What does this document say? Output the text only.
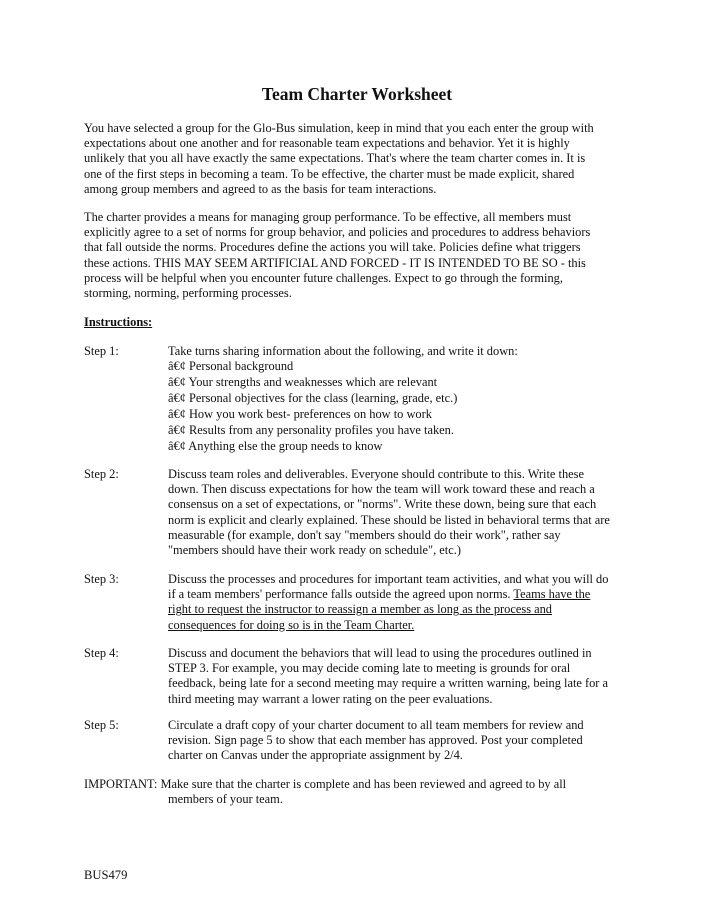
Team Charter Worksheet
You have selected a group for the Glo-Bus simulation, keep in mind that you each enter the group with
expectations about one another and for reasonable team expectations and behavior. Yet it is highly
unlikely that you all have exactly the same expectations. That's where the team charter comes in. It is
one of the first steps in becoming a team. To be effective, the charter must be made explicit, shared
among group members and agreed to as the basis for team interactions.
The charter provides a means for managing group performance. To be effective, all members must
explicitly agree to a set of norms for group behavior, and policies and procedures to address behaviors
that fall outside the norms. Procedures define the actions you will take. Policies define what triggers
these actions. THIS MAY SEEM ARTIFICIAL AND FORCED - IT IS INTENDED TO BE SO - this
process will be helpful when you encounter future challenges. Expect to go through the forming,
storming, norming, performing processes.
Instructions:
Step 1:	Take turns sharing information about the following, and write it down:
â€¢ Personal background
â€¢ Your strengths and weaknesses which are relevant
â€¢ Personal objectives for the class (learning, grade, etc.)
â€¢ How you work best- preferences on how to work
â€¢ Results from any personality profiles you have taken.
â€¢ Anything else the group needs to know
Step 2:	Discuss team roles and deliverables. Everyone should contribute to this. Write these
down. Then discuss expectations for how the team will work toward these and reach a
consensus on a set of expectations, or "norms". Write these down, being sure that each
norm is explicit and clearly explained. These should be listed in behavioral terms that are
measurable (for example, don't say "members should do their work", rather say
"members should have their work ready on schedule", etc.)
Step 3:	Discuss the processes and procedures for important team activities, and what you will do
if a team members' performance falls outside the agreed upon norms. Teams have the
right to request the instructor to reassign a member as long as the process and
consequences for doing so is in the Team Charter.
Step 4:	Discuss and document the behaviors that will lead to using the procedures outlined in
STEP 3. For example, you may decide coming late to meeting is grounds for oral
feedback, being late for a second meeting may require a written warning, being late for a
third meeting may warrant a lower rating on the peer evaluations.
Step 5:	Circulate a draft copy of your charter document to all team members for review and
revision. Sign page 5 to show that each member has approved. Post your completed
charter on Canvas under the appropriate assignment by 2/4.
IMPORTANT: Make sure that the charter is complete and has been reviewed and agreed to by all
members of your team.
BUS479
